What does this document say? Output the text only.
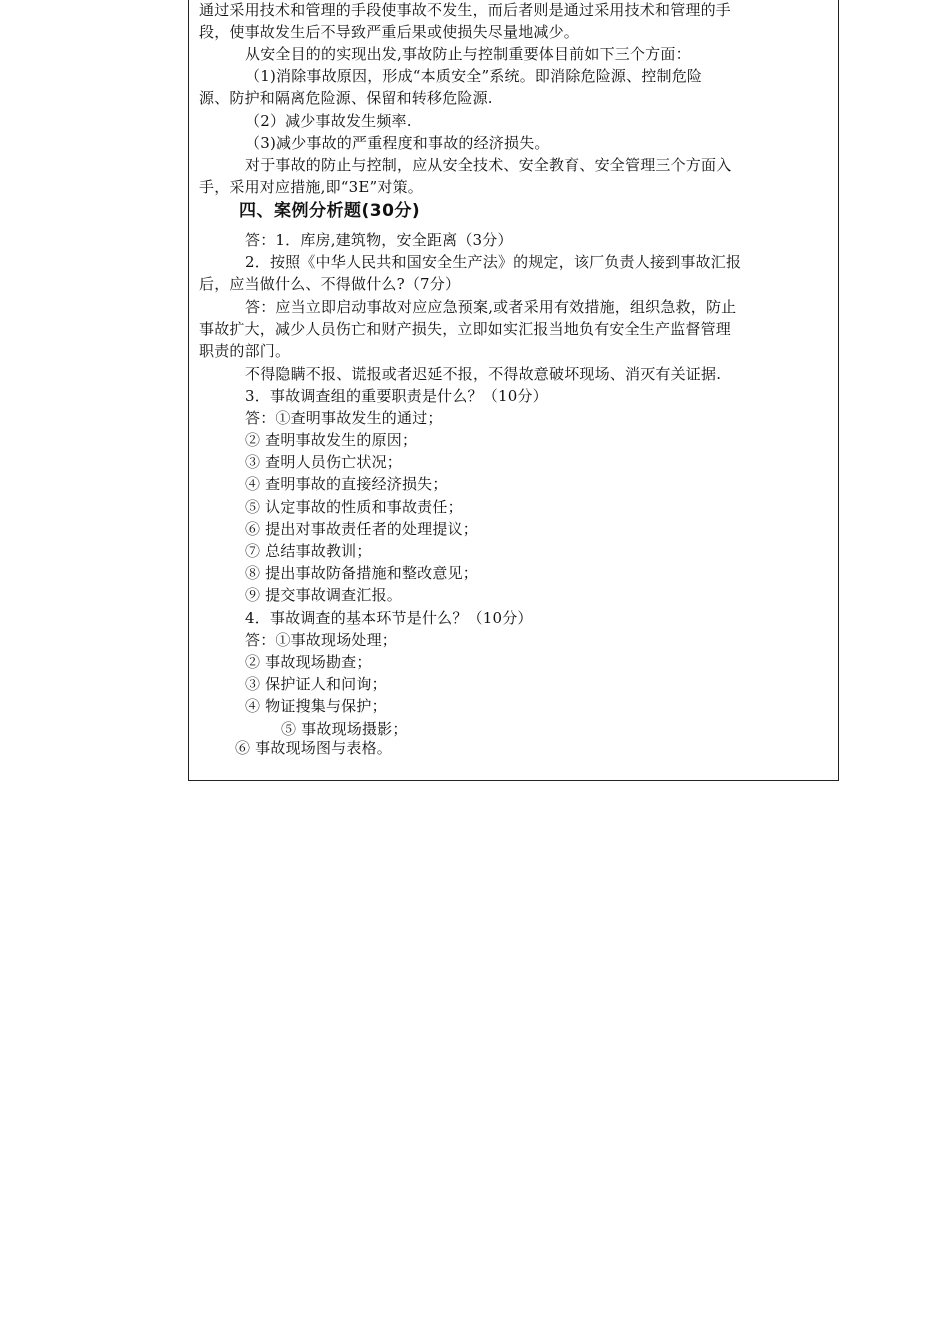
通过采用技术和管理的手段使事故不发生，而后者则是通过采用技术和管理的手
段，使事故发生后不导致严重后果或使损失尽量地减少。
从安全目的的实现出发,事故防止与控制重要体目前如下三个方面：
（1)消除事故原因，形成“本质安全”系统。即消除危险源、控制危险
源、防护和隔离危险源、保留和转移危险源.
（2）减少事故发生频率.
（3)减少事故的严重程度和事故的经济损失。
对于事故的防止与控制，应从安全技术、安全教育、安全管理三个方面入
手，采用对应措施,即“3E”对策。
四、案例分析题(30分)
答：1．库房,建筑物，安全距离（3分）
2．按照《中华人民共和国安全生产法》的规定，该厂负责人接到事故汇报
后，应当做什么、不得做什么?（7分）
答：应当立即启动事故对应应急预案,或者采用有效措施，组织急救，防止
事故扩大，减少人员伤亡和财产损失，立即如实汇报当地负有安全生产监督管理
职责的部门。
不得隐瞒不报、谎报或者迟延不报，不得故意破坏现场、消灭有关证据.
3．事故调查组的重要职责是什么？（10分）
答：①查明事故发生的通过；
② 查明事故发生的原因；
③ 查明人员伤亡状况；
④ 查明事故的直接经济损失；
⑤ 认定事故的性质和事故责任；
⑥ 提出对事故责任者的处理提议；
⑦ 总结事故教训；
⑧ 提出事故防备措施和整改意见；
⑨ 提交事故调查汇报。
4．事故调查的基本环节是什么？（10分）
答：①事故现场处理；
② 事故现场勘查；
③ 保护证人和问询；
④ 物证搜集与保护；
⑤ 事故现场摄影；
⑥ 事故现场图与表格。
